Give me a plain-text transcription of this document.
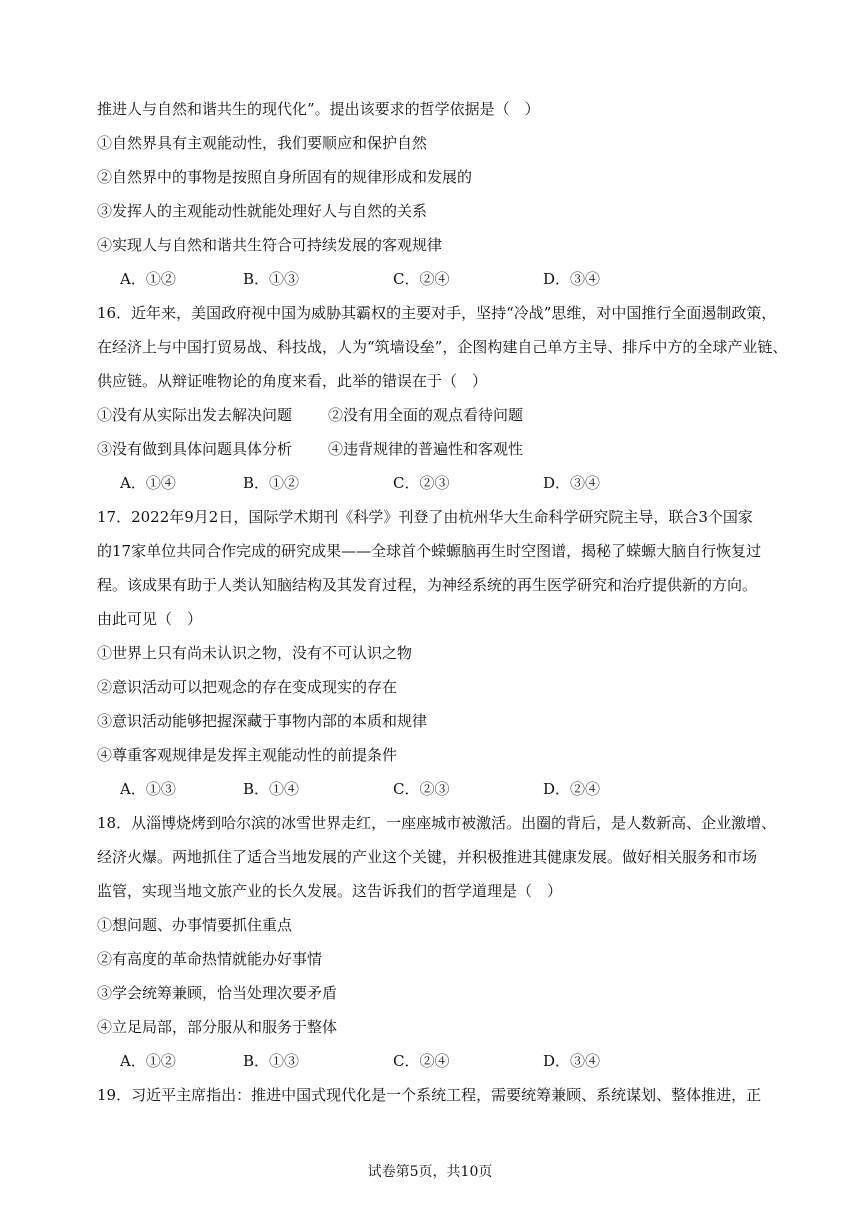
推进人与自然和谐共生的现代化”。提出该要求的哲学依据是（　）
①自然界具有主观能动性，我们要顺应和保护自然
②自然界中的事物是按照自身所固有的规律形成和发展的
③发挥人的主观能动性就能处理好人与自然的关系
④实现人与自然和谐共生符合可持续发展的客观规律
A．①②	B．①③	C．②④	D．③④
16．近年来，美国政府视中国为威胁其霸权的主要对手，坚持“冷战”思维，对中国推行全面遏制政策，
在经济上与中国打贸易战、科技战，人为“筑墙设垒”，企图构建自己单方主导、排斥中方的全球产业链、
供应链。从辩证唯物论的角度来看，此举的错误在于（　）
①没有从实际出发去解决问题 ②没有用全面的观点看待问题
③没有做到具体问题具体分析 ④违背规律的普遍性和客观性
A．①④	B．①②	C．②③	D．③④
17．2022年9月2日，国际学术期刊《科学》刊登了由杭州华大生命科学研究院主导，联合3个国家
的17家单位共同合作完成的研究成果——全球首个蝾螈脑再生时空图谱，揭秘了蝾螈大脑自行恢复过
程。该成果有助于人类认知脑结构及其发育过程，为神经系统的再生医学研究和治疗提供新的方向。
由此可见（　）
①世界上只有尚未认识之物，没有不可认识之物
②意识活动可以把观念的存在变成现实的存在
③意识活动能够把握深藏于事物内部的本质和规律
④尊重客观规律是发挥主观能动性的前提条件
A．①③	B．①④	C．②③	D．②④
18．从淄博烧烤到哈尔滨的冰雪世界走红，一座座城市被激活。出圈的背后，是人数新高、企业激增、
经济火爆。两地抓住了适合当地发展的产业这个关键，并积极推进其健康发展。做好相关服务和市场
监管，实现当地文旅产业的长久发展。这告诉我们的哲学道理是（　）
①想问题、办事情要抓住重点
②有高度的革命热情就能办好事情
③学会统筹兼顾，恰当处理次要矛盾
④立足局部，部分服从和服务于整体
A．①②	B．①③	C．②④	D．③④
19．习近平主席指出：推进中国式现代化是一个系统工程，需要统筹兼顾、系统谋划、整体推进，正
试卷第5页，共10页
